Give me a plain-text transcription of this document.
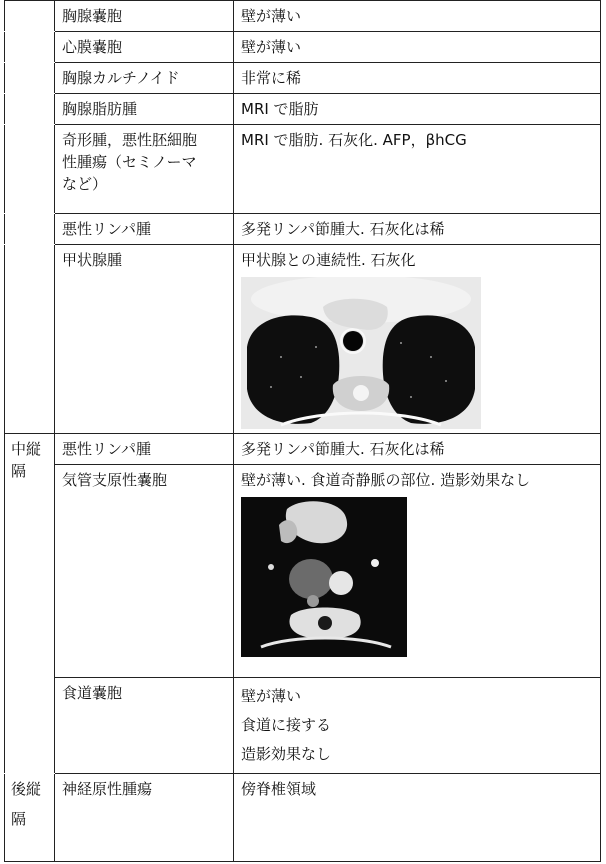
	胸腺嚢胞	壁が薄い

	心膜嚢胞	壁が薄い

	胸腺カルチノイド	非常に稀

	胸腺脂肪腫	MRI で脂肪

	奇形腫，悪性胚細胞
性腫瘍（セミノーマ
など）	MRI で脂肪. 石灰化. AFP，βhCG

	悪性リンパ腫	多発リンパ節腫大. 石灰化は稀

	甲状腺腫	甲状腺との連続性. 石灰化

中縦
隔	悪性リンパ腫	多発リンパ節腫大. 石灰化は稀

	気管支原性嚢胞	壁が薄い. 食道奇静脈の部位. 造影効果なし

	食道嚢胞	壁が薄い
食道に接する
造影効果なし

後縦
隔	神経原性腫瘍	傍脊椎領域
